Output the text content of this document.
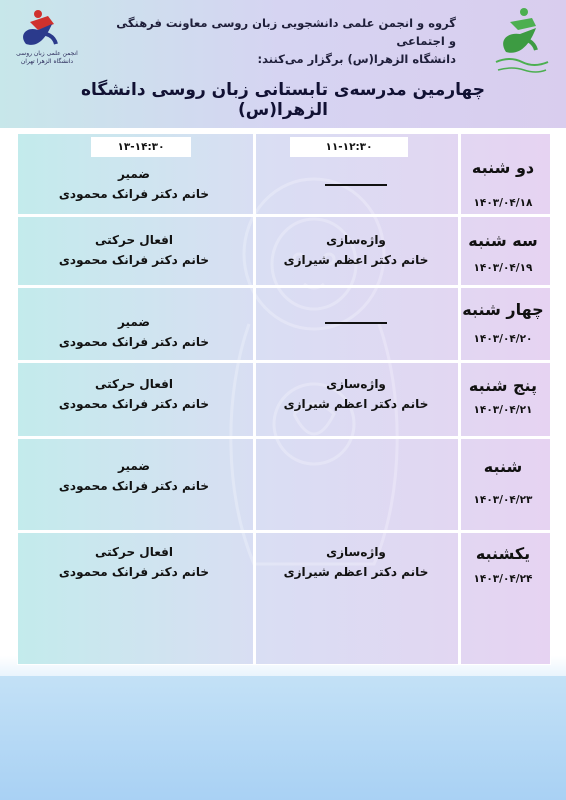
انجمن علمی زبان روسی
دانشگاه الزهرا تهران
گروه و انجمن علمی دانشجویی زبان روسی معاونت فرهنگی و اجتماعی
دانشگاه الزهرا(س) برگزار می‌کنند:
چهارمین مدرسه‌ی تابستانی زبان روسی دانشگاه الزهرا(س)
۱۱-۱۲:۳۰
۱۳-۱۴:۳۰
دو شنبه
۱۴۰۳/۰۴/۱۸
ضمیر
خانم دکتر فرانک محمودی
سه شنبه
۱۴۰۳/۰۴/۱۹
واژه‌سازی
خانم دکتر اعظم شیرازی
افعال حرکتی
خانم دکتر فرانک محمودی
چهار شنبه
۱۴۰۳/۰۴/۲۰
ضمیر
خانم دکتر فرانک محمودی
پنج شنبه
۱۴۰۳/۰۴/۲۱
واژه‌سازی
خانم دکتر اعظم شیرازی
افعال حرکتی
خانم دکتر فرانک محمودی
شنبه
۱۴۰۳/۰۴/۲۳
ضمیر
خانم دکتر فرانک محمودی
یکشنبه
۱۴۰۳/۰۴/۲۴
واژه‌سازی
خانم دکتر اعظم شیرازی
افعال حرکتی
خانم دکتر فرانک محمودی
